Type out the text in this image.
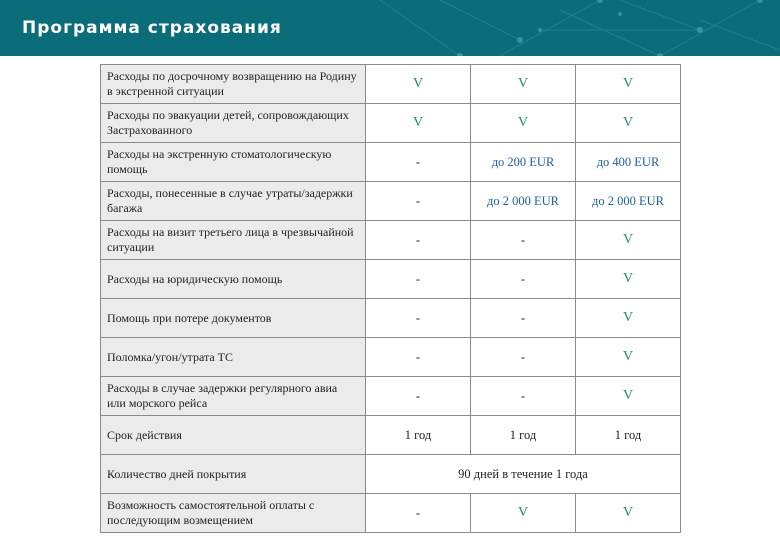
Программа страхования
Расходы по досрочному возвращению на Родину в экстренной ситуации	V	V	V
Расходы по эвакуации детей, сопровождающих Застрахованного	V	V	V
Расходы на экстренную стоматологическую помощь	-	до 200 EUR	до 400 EUR
Расходы, понесенные в случае утраты/задержки багажа	-	до 2 000 EUR	до 2 000 EUR
Расходы на визит третьего лица в чрезвычайной ситуации	-	-	V
Расходы на юридическую помощь	-	-	V
Помощь при потере документов	-	-	V
Поломка/угон/утрата ТС	-	-	V
Расходы в случае задержки регулярного авиа или морского рейса	-	-	V
Срок действия	1 год	1 год	1 год
Количество дней покрытия	90 дней в течение 1 года		
Возможность самостоятельной оплаты с последующим возмещением	-	V	V
